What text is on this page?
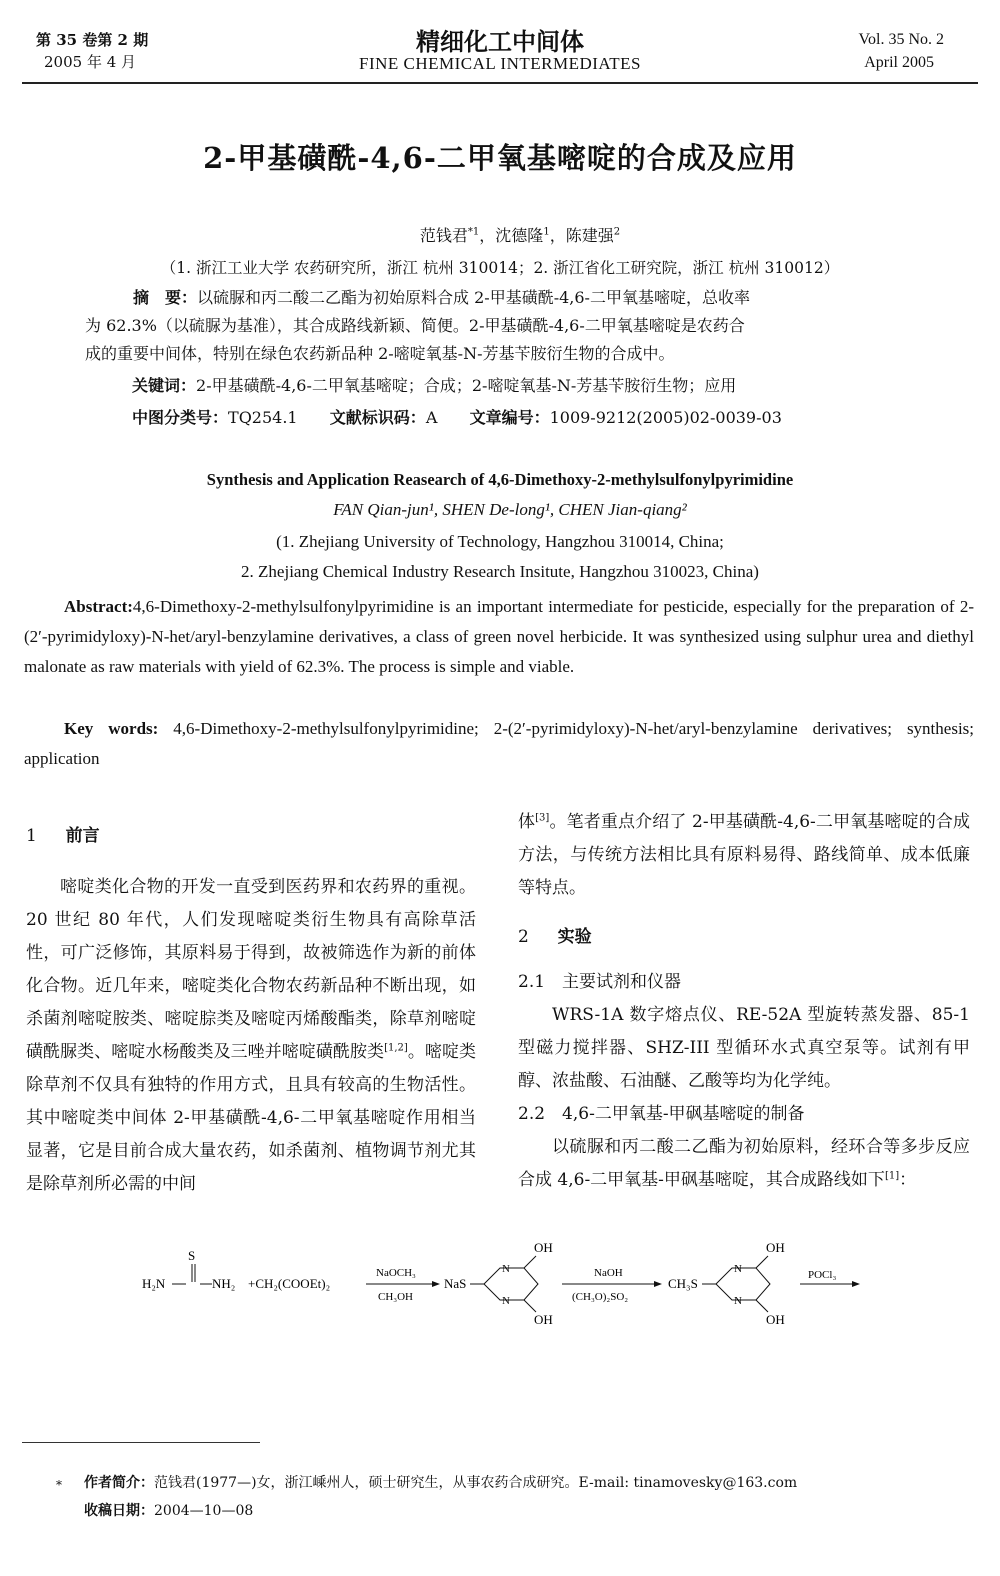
第 35 卷第 2 期
2005 年 4 月
精细化工中间体
FINE CHEMICAL INTERMEDIATES
Vol. 35 No. 2
April 2005
2-甲基磺酰-4,6-二甲氧基嘧啶的合成及应用
范钱君$^{*1}$，沈德隆$^1$，陈建强$^2$
（1. 浙江工业大学 农药研究所，浙江 杭州 310014；2. 浙江省化工研究院，浙江 杭州 310012）
摘　要：以硫脲和丙二酸二乙酯为初始原料合成 2-甲基磺酰-4,6-二甲氧基嘧啶，总收率
为 62.3%（以硫脲为基准），其合成路线新颖、简便。2-甲基磺酰-4,6-二甲氧基嘧啶是农药合
成的重要中间体，特别在绿色农药新品种 2-嘧啶氧基-N-芳基苄胺衍生物的合成中。
关键词：2-甲基磺酰-4,6-二甲氧基嘧啶；合成；2-嘧啶氧基-N-芳基苄胺衍生物；应用
中图分类号：TQ254.1 文献标识码：A 文章编号：1009-9212(2005)02-0039-03
Synthesis and Application Reasearch of 4,6-Dimethoxy-2-methylsulfonylpyrimidine
FAN Qian-jun¹, SHEN De-long¹, CHEN Jian-qiang²
(1. Zhejiang University of Technology, Hangzhou 310014, China;
2. Zhejiang Chemical Industry Research Insitute, Hangzhou 310023, China)
Abstract:4,6-Dimethoxy-2-methylsulfonylpyrimidine is an important intermediate for pesticide, especially for the preparation of 2-(2′-pyrimidyloxy)-N-het/aryl-benzylamine derivatives, a class of green novel herbicide. It was synthesized using sulphur urea and diethyl malonate as raw materials with yield of 62.3%. The process is simple and viable.
Key words: 4,6-Dimethoxy-2-methylsulfonylpyrimidine; 2-(2′-pyrimidyloxy)-N-het/aryl-benzylamine derivatives; synthesis; application

1 前言

嘧啶类化合物的开发一直受到医药界和农药界的重视。20 世纪 80 年代，人们发现嘧啶类衍生物具有高除草活性，可广泛修饰，其原料易于得到，故被筛选作为新的前体化合物。近几年来，嘧啶类化合物农药新品种不断出现，如杀菌剂嘧啶胺类、嘧啶腙类及嘧啶丙烯酸酯类，除草剂嘧啶磺酰脲类、嘧啶水杨酸类及三唑并嘧啶磺酰胺类[1,2]。嘧啶类除草剂不仅具有独特的作用方式，且具有较高的生物活性。其中嘧啶类中间体 2-甲基磺酰-4,6-二甲氧基嘧啶作用相当显著，它是目前合成大量农药，如杀菌剂、植物调节剂尤其是除草剂所必需的中间

体[3]。笔者重点介绍了 2-甲基磺酰-4,6-二甲氧基嘧啶的合成方法，与传统方法相比具有原料易得、路线简单、成本低廉等特点。

2 实验

2.1　主要试剂和仪器

WRS-1A 数字熔点仪、RE-52A 型旋转蒸发器、85-1 型磁力搅拌器、SHZ-III 型循环水式真空泵等。试剂有甲醇、浓盐酸、石油醚、乙酸等均为化学纯。

2.2　4,6-二甲氧基-甲砜基嘧啶的制备

以硫脲和丙二酸二乙酯为初始原料，经环合等多步反应合成 4,6-二甲氧基-甲砜基嘧啶，其合成路线如下[1]：

S
H₂N	NH₂ +CH₂(COOEt)₂
NaOCH₃
CH₃OH
NaS
N
N
OH
OH
NaOH
(CH₃O)₂SO₂
CH₃S
N
N
OH
OH
POCl₃
* 作者简介：范钱君(1977—)女，浙江嵊州人，硕士研究生，从事农药合成研究。E-mail: tinamovesky@163.com
收稿日期：2004—10—08
